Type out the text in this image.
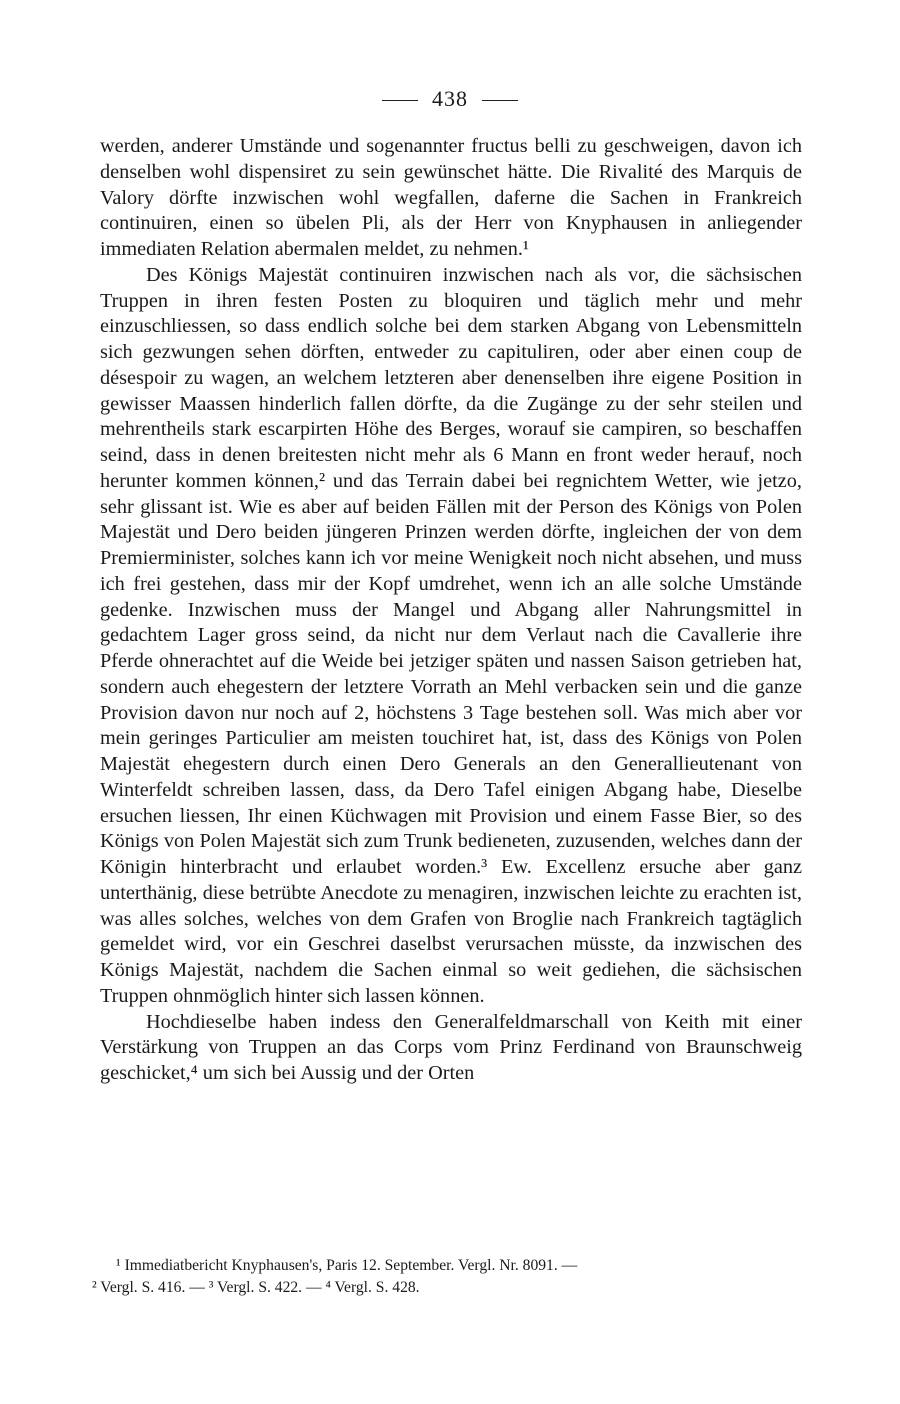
438

werden, anderer Umstände und sogenannter fructus belli zu geschweigen, davon ich denselben wohl dispensiret zu sein gewünschet hätte. Die Rivalité des Marquis de Valory dörfte inzwischen wohl wegfallen, daferne die Sachen in Frankreich continuiren, einen so übelen Pli, als der Herr von Knyphausen in anliegender immediaten Relation abermalen meldet, zu nehmen.¹

Des Königs Majestät continuiren inzwischen nach als vor, die sächsischen Truppen in ihren festen Posten zu bloquiren und täglich mehr und mehr einzuschliessen, so dass endlich solche bei dem starken Abgang von Lebensmitteln sich gezwungen sehen dörften, entweder zu capituliren, oder aber einen coup de désespoir zu wagen, an welchem letzteren aber denenselben ihre eigene Position in gewisser Maassen hinderlich fallen dörfte, da die Zugänge zu der sehr steilen und mehrentheils stark escarpirten Höhe des Berges, worauf sie campiren, so beschaffen seind, dass in denen breitesten nicht mehr als 6 Mann en front weder herauf, noch herunter kommen können,² und das Terrain dabei bei regnichtem Wetter, wie jetzo, sehr glissant ist. Wie es aber auf beiden Fällen mit der Person des Königs von Polen Majestät und Dero beiden jüngeren Prinzen werden dörfte, ingleichen der von dem Premierminister, solches kann ich vor meine Wenigkeit noch nicht absehen, und muss ich frei gestehen, dass mir der Kopf umdrehet, wenn ich an alle solche Umstände gedenke. Inzwischen muss der Mangel und Abgang aller Nahrungsmittel in gedachtem Lager gross seind, da nicht nur dem Verlaut nach die Cavallerie ihre Pferde ohnerachtet auf die Weide bei jetziger späten und nassen Saison getrieben hat, sondern auch ehegestern der letztere Vorrath an Mehl verbacken sein und die ganze Provision davon nur noch auf 2, höchstens 3 Tage bestehen soll. Was mich aber vor mein geringes Particulier am meisten touchiret hat, ist, dass des Königs von Polen Majestät ehegestern durch einen Dero Generals an den Generallieutenant von Winterfeldt schreiben lassen, dass, da Dero Tafel einigen Abgang habe, Dieselbe ersuchen liessen, Ihr einen Küchwagen mit Provision und einem Fasse Bier, so des Königs von Polen Majestät sich zum Trunk bedieneten, zuzusenden, welches dann der Königin hinterbracht und erlaubet worden.³ Ew. Excellenz ersuche aber ganz unterthänig, diese betrübte Anecdote zu menagiren, inzwischen leichte zu erachten ist, was alles solches, welches von dem Grafen von Broglie nach Frankreich tagtäglich gemeldet wird, vor ein Geschrei daselbst verursachen müsste, da inzwischen des Königs Majestät, nachdem die Sachen einmal so weit gediehen, die sächsischen Truppen ohnmöglich hinter sich lassen können.

Hochdieselbe haben indess den Generalfeldmarschall von Keith mit einer Verstärkung von Truppen an das Corps vom Prinz Ferdinand von Braunschweig geschicket,⁴ um sich bei Aussig und der Orten

¹ Immediatbericht Knyphausen's, Paris 12. September. Vergl. Nr. 8091. —

² Vergl. S. 416. — ³ Vergl. S. 422. — ⁴ Vergl. S. 428.
